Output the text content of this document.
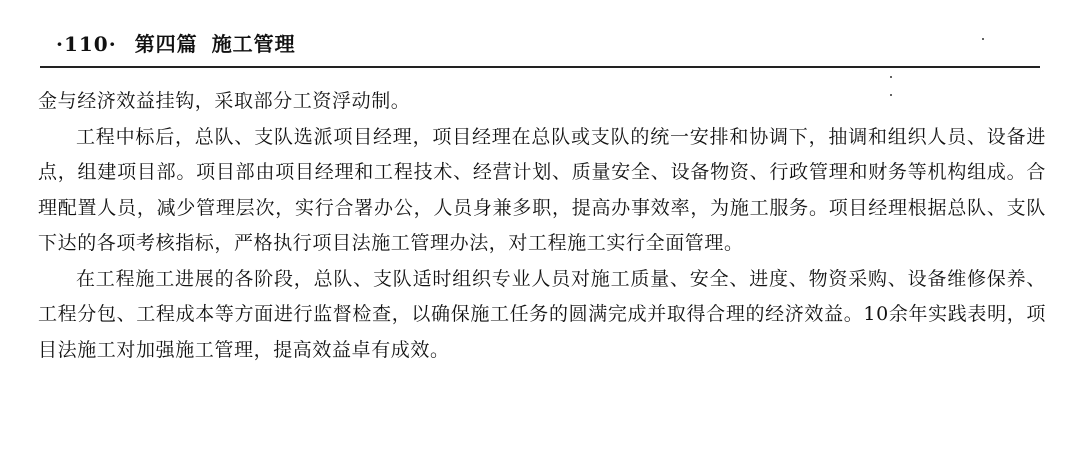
·110· 第四篇 施工管理

金与经济效益挂钩，采取部分工资浮动制。

工程中标后，总队、支队选派项目经理，项目经理在总队或支队的统一安排和协调下，抽调和组织人员、设备进点，组建项目部。项目部由项目经理和工程技术、经营计划、质量安全、设备物资、行政管理和财务等机构组成。合理配置人员，减少管理层次，实行合署办公，人员身兼多职，提高办事效率，为施工服务。项目经理根据总队、支队下达的各项考核指标，严格执行项目法施工管理办法，对工程施工实行全面管理。

在工程施工进展的各阶段，总队、支队适时组织专业人员对施工质量、安全、进度、物资采购、设备维修保养、工程分包、工程成本等方面进行监督检查，以确保施工任务的圆满完成并取得合理的经济效益。10余年实践表明，项目法施工对加强施工管理，提高效益卓有成效。
